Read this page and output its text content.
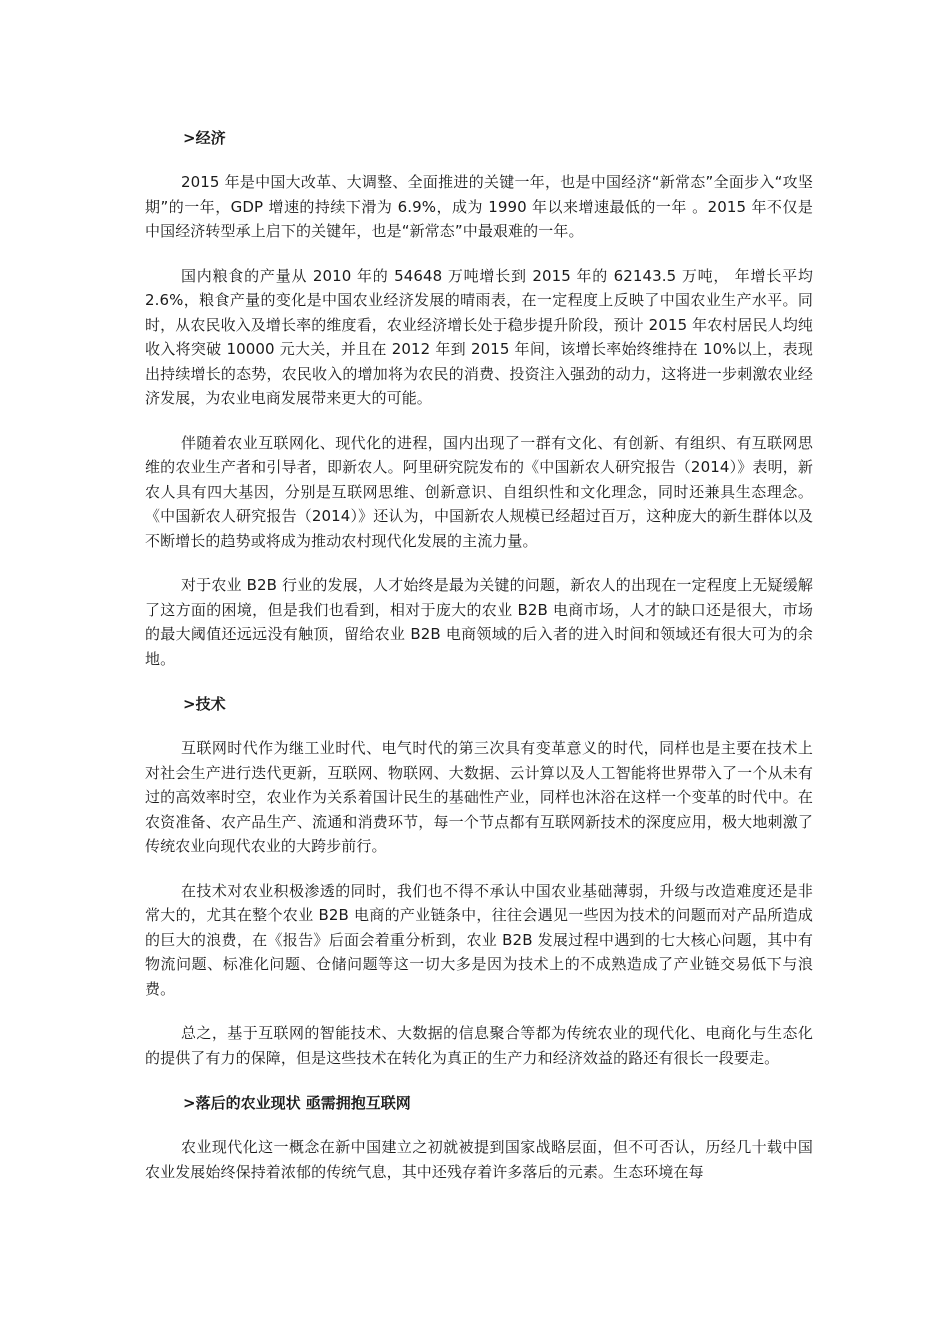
>经济

2015 年是中国大改革、大调整、全面推进的关键一年，也是中国经济“新常态”全面步入“攻坚期”的一年，GDP 增速的持续下滑为 6.9%，成为 1990 年以来增速最低的一年 。2015 年不仅是中国经济转型承上启下的关键年，也是“新常态”中最艰难的一年。

国内粮食的产量从 2010 年的 54648 万吨增长到 2015 年的 62143.5 万吨， 年增长平均 2.6%，粮食产量的变化是中国农业经济发展的晴雨表，在一定程度上反映了中国农业生产水平。同时，从农民收入及增长率的维度看，农业经济增长处于稳步提升阶段，预计 2015 年农村居民人均纯收入将突破 10000 元大关，并且在 2012 年到 2015 年间，该增长率始终维持在 10%以上，表现出持续增长的态势，农民收入的增加将为农民的消费、投资注入强劲的动力，这将进一步刺激农业经济发展，为农业电商发展带来更大的可能。

伴随着农业互联网化、现代化的进程，国内出现了一群有文化、有创新、有组织、有互联网思维的农业生产者和引导者，即新农人。阿里研究院发布的《中国新农人研究报告（2014）》表明，新农人具有四大基因，分别是互联网思维、创新意识、自组织性和文化理念，同时还兼具生态理念。《中国新农人研究报告（2014）》还认为，中国新农人规模已经超过百万，这种庞大的新生群体以及不断增长的趋势或将成为推动农村现代化发展的主流力量。

对于农业 B2B 行业的发展，人才始终是最为关键的问题，新农人的出现在一定程度上无疑缓解了这方面的困境，但是我们也看到，相对于庞大的农业 B2B 电商市场，人才的缺口还是很大，市场的最大阈值还远远没有触顶，留给农业 B2B 电商领域的后入者的进入时间和领域还有很大可为的余地。

>技术

互联网时代作为继工业时代、电气时代的第三次具有变革意义的时代，同样也是主要在技术上对社会生产进行迭代更新，互联网、物联网、大数据、云计算以及人工智能将世界带入了一个从未有过的高效率时空，农业作为关系着国计民生的基础性产业，同样也沐浴在这样一个变革的时代中。在农资准备、农产品生产、流通和消费环节，每一个节点都有互联网新技术的深度应用，极大地刺激了传统农业向现代农业的大跨步前行。

在技术对农业积极渗透的同时，我们也不得不承认中国农业基础薄弱，升级与改造难度还是非常大的，尤其在整个农业 B2B 电商的产业链条中，往往会遇见一些因为技术的问题而对产品所造成的巨大的浪费，在《报告》后面会着重分析到，农业 B2B 发展过程中遇到的七大核心问题，其中有物流问题、标准化问题、仓储问题等这一切大多是因为技术上的不成熟造成了产业链交易低下与浪费。

总之，基于互联网的智能技术、大数据的信息聚合等都为传统农业的现代化、电商化与生态化的提供了有力的保障，但是这些技术在转化为真正的生产力和经济效益的路还有很长一段要走。

>落后的农业现状 亟需拥抱互联网

农业现代化这一概念在新中国建立之初就被提到国家战略层面，但不可否认，历经几十载中国农业发展始终保持着浓郁的传统气息，其中还残存着许多落后的元素。生态环境在每
